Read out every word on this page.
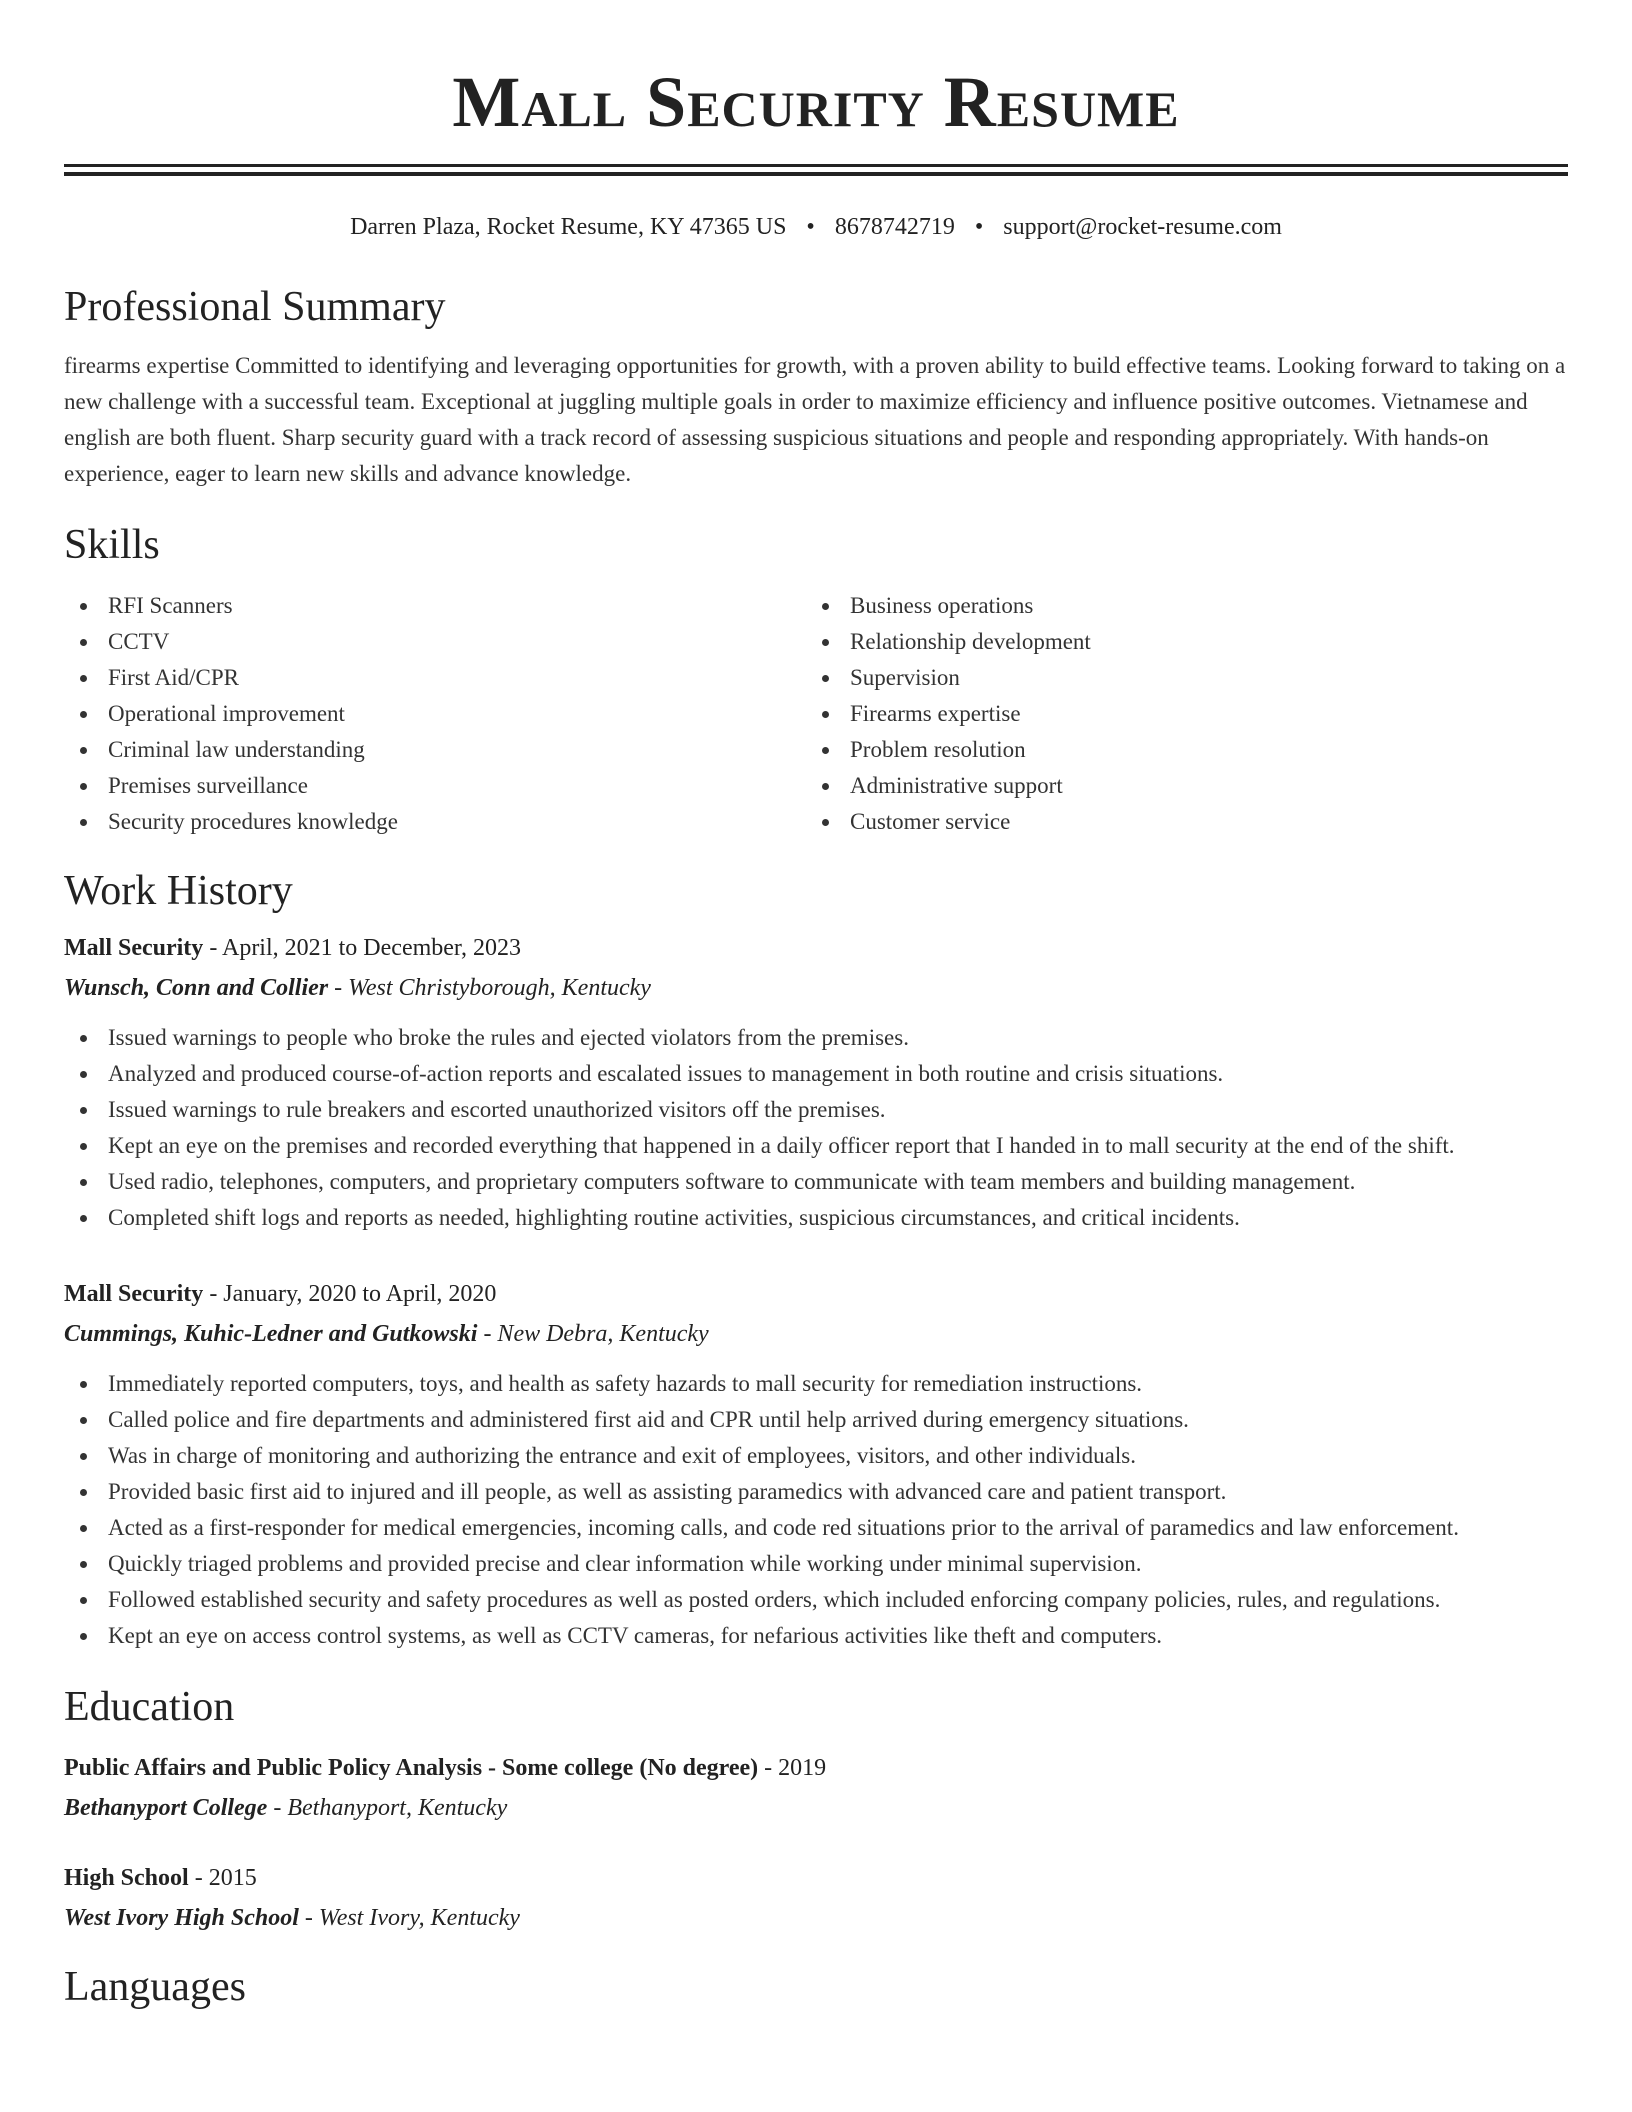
Mall Security Resume
Darren Plaza, Rocket Resume, KY 47365 US • 8678742719 • support@rocket-resume.com
Professional Summary

firearms expertise Committed to identifying and leveraging opportunities for growth, with a proven ability to build effective teams. Looking forward to taking on a new challenge with a successful team. Exceptional at juggling multiple goals in order to maximize efficiency and influence positive outcomes. Vietnamese and english are both fluent. Sharp security guard with a track record of assessing suspicious situations and people and responding appropriately. With hands-on experience, eager to learn new skills and advance knowledge.

Skills
RFI Scanners
CCTV
First Aid/CPR
Operational improvement
Criminal law understanding
Premises surveillance
Security procedures knowledge
Business operations
Relationship development
Supervision
Firearms expertise
Problem resolution
Administrative support
Customer service
Work History
Mall Security - April, 2021 to December, 2023
Wunsch, Conn and Collier - West Christyborough, Kentucky
Issued warnings to people who broke the rules and ejected violators from the premises.
Analyzed and produced course-of-action reports and escalated issues to management in both routine and crisis situations.
Issued warnings to rule breakers and escorted unauthorized visitors off the premises.
Kept an eye on the premises and recorded everything that happened in a daily officer report that I handed in to mall security at the end of the shift.
Used radio, telephones, computers, and proprietary computers software to communicate with team members and building management.
Completed shift logs and reports as needed, highlighting routine activities, suspicious circumstances, and critical incidents.
Mall Security - January, 2020 to April, 2020
Cummings, Kuhic-Ledner and Gutkowski - New Debra, Kentucky
Immediately reported computers, toys, and health as safety hazards to mall security for remediation instructions.
Called police and fire departments and administered first aid and CPR until help arrived during emergency situations.
Was in charge of monitoring and authorizing the entrance and exit of employees, visitors, and other individuals.
Provided basic first aid to injured and ill people, as well as assisting paramedics with advanced care and patient transport.
Acted as a first-responder for medical emergencies, incoming calls, and code red situations prior to the arrival of paramedics and law enforcement.
Quickly triaged problems and provided precise and clear information while working under minimal supervision.
Followed established security and safety procedures as well as posted orders, which included enforcing company policies, rules, and regulations.
Kept an eye on access control systems, as well as CCTV cameras, for nefarious activities like theft and computers.
Education
Public Affairs and Public Policy Analysis - Some college (No degree) - 2019
Bethanyport College - Bethanyport, Kentucky
High School - 2015
West Ivory High School - West Ivory, Kentucky
Languages
